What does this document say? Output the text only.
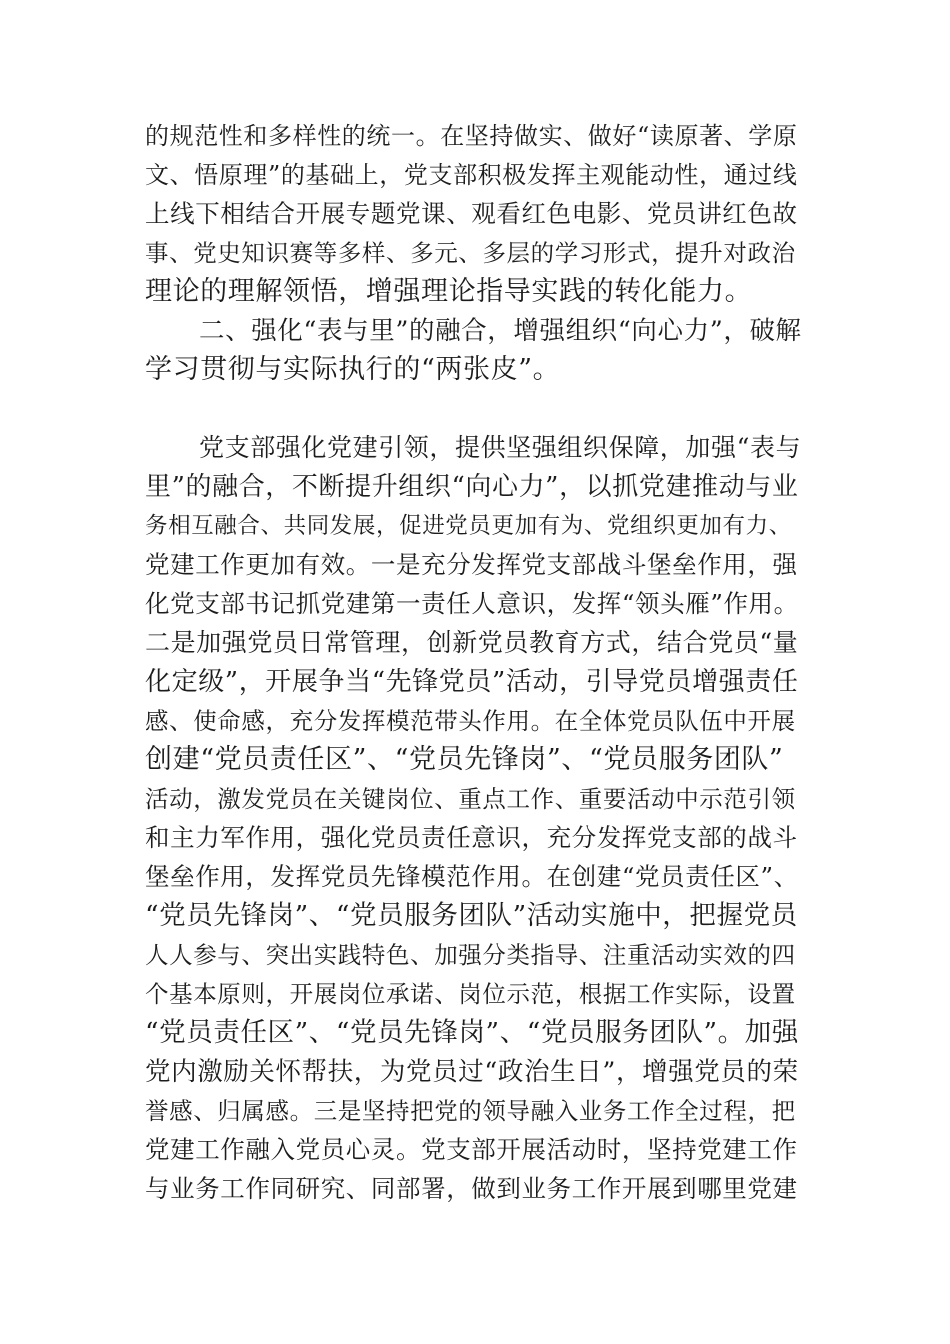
的规范性和多样性的统一。在坚持做实、做好“读原著、学原
文、悟原理”的基础上，党支部积极发挥主观能动性，通过线
上线下相结合开展专题党课、观看红色电影、党员讲红色故
事、党史知识赛等多样、多元、多层的学习形式，提升对政治
理论的理解领悟，增强理论指导实践的转化能力。
二、强化“表与里”的融合，增强组织“向心力”，破解
学习贯彻与实际执行的“两张皮”。
党支部强化党建引领，提供坚强组织保障，加强“表与
里”的融合，不断提升组织“向心力”，以抓党建推动与业
务相互融合、共同发展，促进党员更加有为、党组织更加有力、
党建工作更加有效。一是充分发挥党支部战斗堡垒作用，强
化党支部书记抓党建第一责任人意识，发挥“领头雁”作用。
二是加强党员日常管理，创新党员教育方式，结合党员“量
化定级”，开展争当“先锋党员”活动，引导党员增强责任
感、使命感，充分发挥模范带头作用。在全体党员队伍中开展
创建“党员责任区”、“党员先锋岗”、“党员服务团队”
活动，激发党员在关键岗位、重点工作、重要活动中示范引领
和主力军作用，强化党员责任意识，充分发挥党支部的战斗
堡垒作用，发挥党员先锋模范作用。在创建“党员责任区”、
“党员先锋岗”、“党员服务团队”活动实施中，把握党员
人人参与、突出实践特色、加强分类指导、注重活动实效的四
个基本原则，开展岗位承诺、岗位示范，根据工作实际，设置
“党员责任区”、“党员先锋岗”、“党员服务团队”。加强
党内激励关怀帮扶，为党员过“政治生日”，增强党员的荣
誉感、归属感。三是坚持把党的领导融入业务工作全过程，把
党建工作融入党员心灵。党支部开展活动时，坚持党建工作
与业务工作同研究、同部署，做到业务工作开展到哪里党建
